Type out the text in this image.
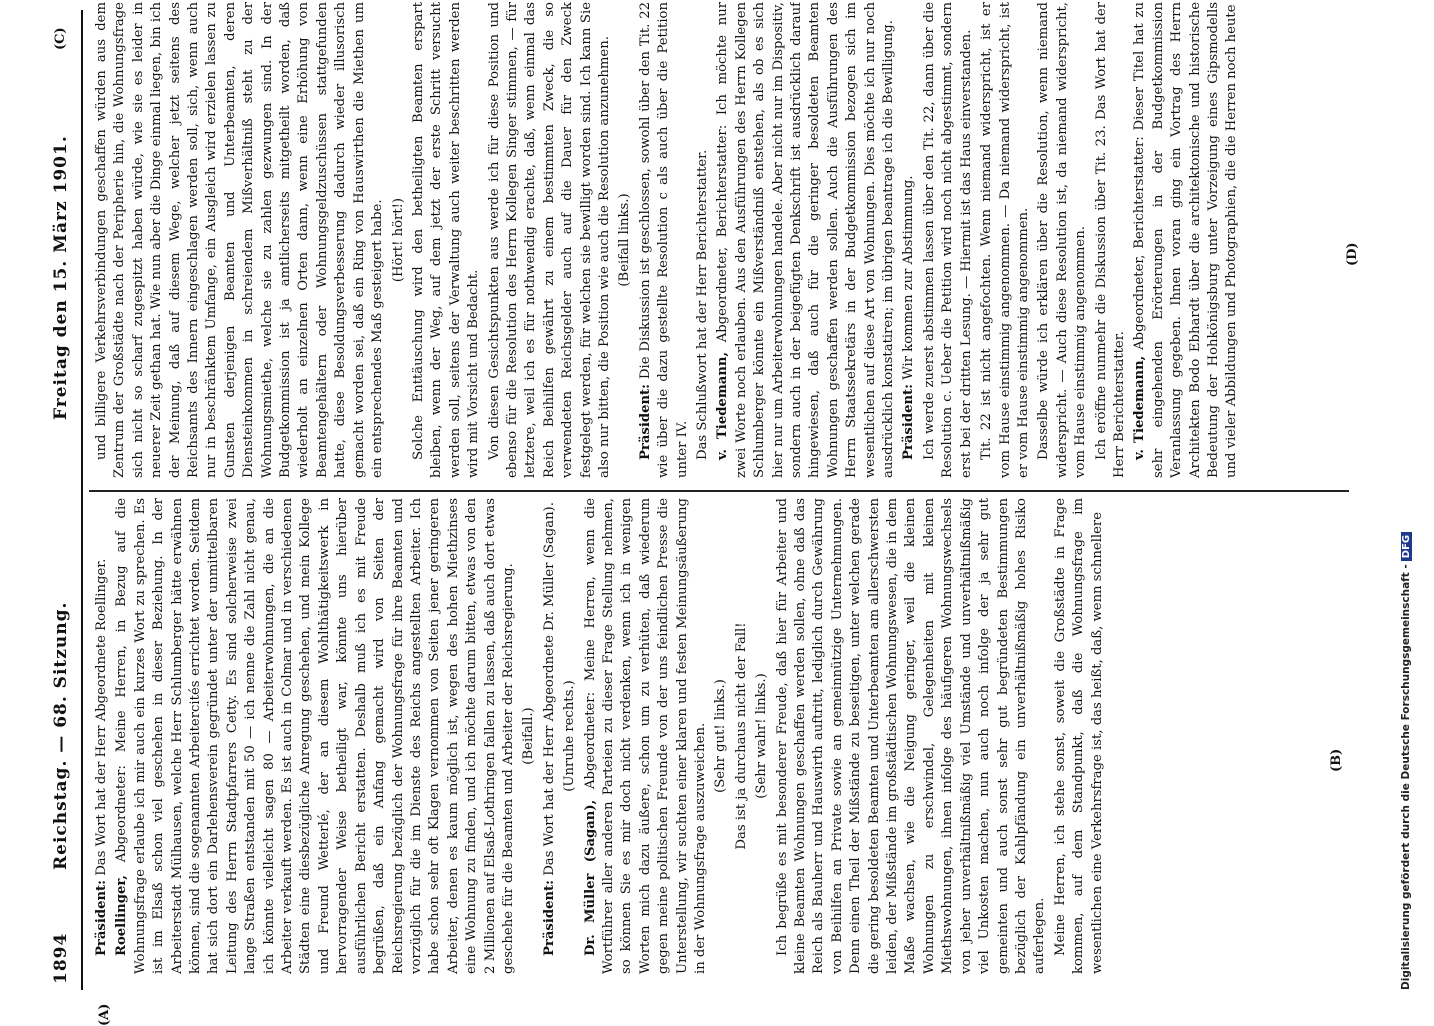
1894
Reichstag. — 68. Sitzung.
Freitag den 15. März 1901.
(A)
(B)
(C)
(D)

Präsident: Das Wort hat der Herr Abgeordnete Roellinger.

Roellinger, Abgeordneter: Meine Herren, in Bezug auf die Wohnungsfrage erlaube ich mir auch ein kurzes Wort zu sprechen. Es ist im Elsaß schon viel geschehen in dieser Beziehung. In der Arbeiterstadt Mülhausen, welche Herr Schlumberger hätte erwähnen können, sind die sogenannten Arbeitercités errichtet worden. Seitdem hat sich dort ein Darlehensverein gegründet unter der unmittelbaren Leitung des Herrn Stadtpfarrers Cetty. Es sind solcherweise zwei lange Straßen entstanden mit 50 — ich nenne die Zahl nicht genau, ich könnte vielleicht sagen 80 — Arbeiterwohnungen, die an die Arbeiter verkauft werden. Es ist auch in Colmar und in verschiedenen Städten eine diesbezügliche Anregung geschehen, und mein Kollege und Freund Wetterlé, der an diesem Wohlthätigkeitswerk in hervorragender Weise betheiligt war, könnte uns hierüber ausführlichen Bericht erstatten. Deshalb muß ich es mit Freude begrüßen, daß ein Anfang gemacht wird von Seiten der Reichsregierung bezüglich der Wohnungsfrage für ihre Beamten und vorzüglich für die im Dienste des Reichs angestellten Arbeiter. Ich habe schon sehr oft Klagen vernommen von Seiten jener geringeren Arbeiter, denen es kaum möglich ist, wegen des hohen Miethzinses eine Wohnung zu finden, und ich möchte darum bitten, etwas von den 2 Millionen auf Elsaß-Lothringen fallen zu lassen, daß auch dort etwas geschehe für die Beamten und Arbeiter der Reichsregierung. (Beifall.)

Präsident: Das Wort hat der Herr Abgeordnete Dr. Müller (Sagan). (Unruhe rechts.)

Dr. Müller (Sagan), Abgeordneter: Meine Herren, wenn die Wortführer aller anderen Parteien zu dieser Frage Stellung nehmen, so können Sie es mir doch nicht verdenken, wenn ich in wenigen Worten mich dazu äußere, schon um zu verhüten, daß wiederum gegen meine politischen Freunde von der uns feindlichen Presse die Unterstellung, wir suchten einer klaren und festen Meinungsäußerung in der Wohnungsfrage auszuweichen. (Sehr gut! links.) Das ist ja durchaus nicht der Fall! (Sehr wahr! links.) Ich begrüße es mit besonderer Freude, daß hier für Arbeiter und kleine Beamten Wohnungen geschaffen werden sollen, ohne daß das Reich als Bauherr und Hauswirth auftritt, lediglich durch Gewährung von Beihilfen an Private sowie an gemeinnützige Unternehmungen. Denn einen Theil der Mißstände zu beseitigen, unter welchen gerade die gering besoldeten Beamten und Unterbeamten am allerschwersten leiden, der Mißstände im großstädtischen Wohnungswesen, die in dem Maße wachsen, wie die Neigung geringer, weil die kleinen Wohnungen zu erschwindel, Gelegenheiten mit kleinen Miethswohnungen, ihnen infolge des häufigeren Wohnungswechsels von jeher unverhältnißmäßig viel Umstände und unverhältnißmäßig viel Unkosten machen, nun auch noch infolge der ja sehr gut gemeinten und auch sonst sehr gut begründeten Bestimmungen bezüglich der Kahlpfändung ein unverhältnißmäßig hohes Risiko auferlegen. Meine Herren, ich stehe sonst, soweit die Großstädte in Frage kommen, auf dem Standpunkt, daß die Wohnungsfrage im wesentlichen eine Verkehrsfrage ist, das heißt, daß, wenn schnellere

und billigere Verkehrsverbindungen geschaffen würden aus dem Zentrum der Großstädte nach der Peripherie hin, die Wohnungsfrage sich nicht so scharf zugespitzt haben würde, wie sie es leider in neuerer Zeit gethan hat. Wie nun aber die Dinge einmal liegen, bin ich der Meinung, daß auf diesem Wege, welcher jetzt seitens des Reichsamts des Innern eingeschlagen werden soll, sich, wenn auch nur in beschränktem Umfange, ein Ausgleich wird erzielen lassen zu Gunsten derjenigen Beamten und Unterbeamten, deren Diensteinkommen in schreiendem Mißverhältniß steht zu der Wohnungsmiethe, welche sie zu zahlen gezwungen sind. In der Budgetkommission ist ja amtlicherseits mitgetheilt worden, daß wiederholt an einzelnen Orten dann, wenn eine Erhöhung von Beamtengehältern oder Wohnungsgeldzuschüssen stattgefunden hatte, diese Besoldungsverbesserung dadurch wieder illusorisch gemacht worden sei, daß ein Ring von Hauswirthen die Miethen um ein entsprechendes Maß gesteigert habe. (Hört! hört!) Solche Enttäuschung wird den betheiligten Beamten erspart bleiben, wenn der Weg, auf dem jetzt der erste Schritt versucht werden soll, seitens der Verwaltung auch weiter beschritten werden wird mit Vorsicht und Bedacht. Von diesen Gesichtspunkten aus werde ich für diese Position und ebenso für die Resolution des Herrn Kollegen Singer stimmen, — für letztere, weil ich es für nothwendig erachte, daß, wenn einmal das Reich Beihilfen gewährt zu einem bestimmten Zweck, die so verwendeten Reichsgelder auch auf die Dauer für den Zweck festgelegt werden, für welchen sie bewilligt worden sind. Ich kann Sie also nur bitten, die Position wie auch die Resolution anzunehmen. (Beifall links.)

Präsident: Die Diskussion ist geschlossen, sowohl über den Tit. 22 wie über die dazu gestellte Resolution c als auch über die Petition unter IV. Das Schlußwort hat der Herr Berichterstatter. v. Tiedemann, Abgeordneter, Berichterstatter: Ich möchte nur zwei Worte noch erlauben. Aus den Ausführungen des Herrn Kollegen Schlumberger könnte ein Mißverständniß entstehen, als ob es sich hier nur um Arbeiterwohnungen handele. Aber nicht nur im Dispositiv, sondern auch in der beigefügten Denkschrift ist ausdrücklich darauf hingewiesen, daß auch für die geringer besoldeten Beamten Wohnungen geschaffen werden sollen. Auch die Ausführungen des Herrn Staatssekretärs in der Budgetkommission bezogen sich im wesentlichen auf diese Art von Wohnungen. Dies möchte ich nur noch ausdrücklich konstatiren; im übrigen beantrage ich die Bewilligung. Präsident: Wir kommen zur Abstimmung. Ich werde zuerst abstimmen lassen über den Tit. 22, dann über die Resolution c. Ueber die Petition wird noch nicht abgestimmt, sondern erst bei der dritten Lesung. — Hiermit ist das Haus einverstanden. Tit. 22 ist nicht angefochten. Wenn niemand widerspricht, ist er vom Hause einstimmig angenommen. — Da niemand widerspricht, ist er vom Hause einstimmig angenommen. Dasselbe würde ich erklären über die Resolution, wenn niemand widerspricht. — Auch diese Resolution ist, da niemand widerspricht, vom Hause einstimmig angenommen. Ich eröffne nunmehr die Diskussion über Tit. 23. Das Wort hat der Herr Berichterstatter. v. Tiedemann, Abgeordneter, Berichterstatter: Dieser Titel hat zu sehr eingehenden Erörterungen in der Budgetkommission Veranlassung gegeben. Ihnen voran ging ein Vortrag des Herrn Architekten Bodo Ebhardt über die architektonische und historische Bedeutung der Hohkönigsburg unter Vorzeigung eines Gipsmodells und vieler Abbildungen und Photographien, die die Herren noch heute

Digitalisierung gefördert durch die Deutsche Forschungsgemeinschaft -DFG
